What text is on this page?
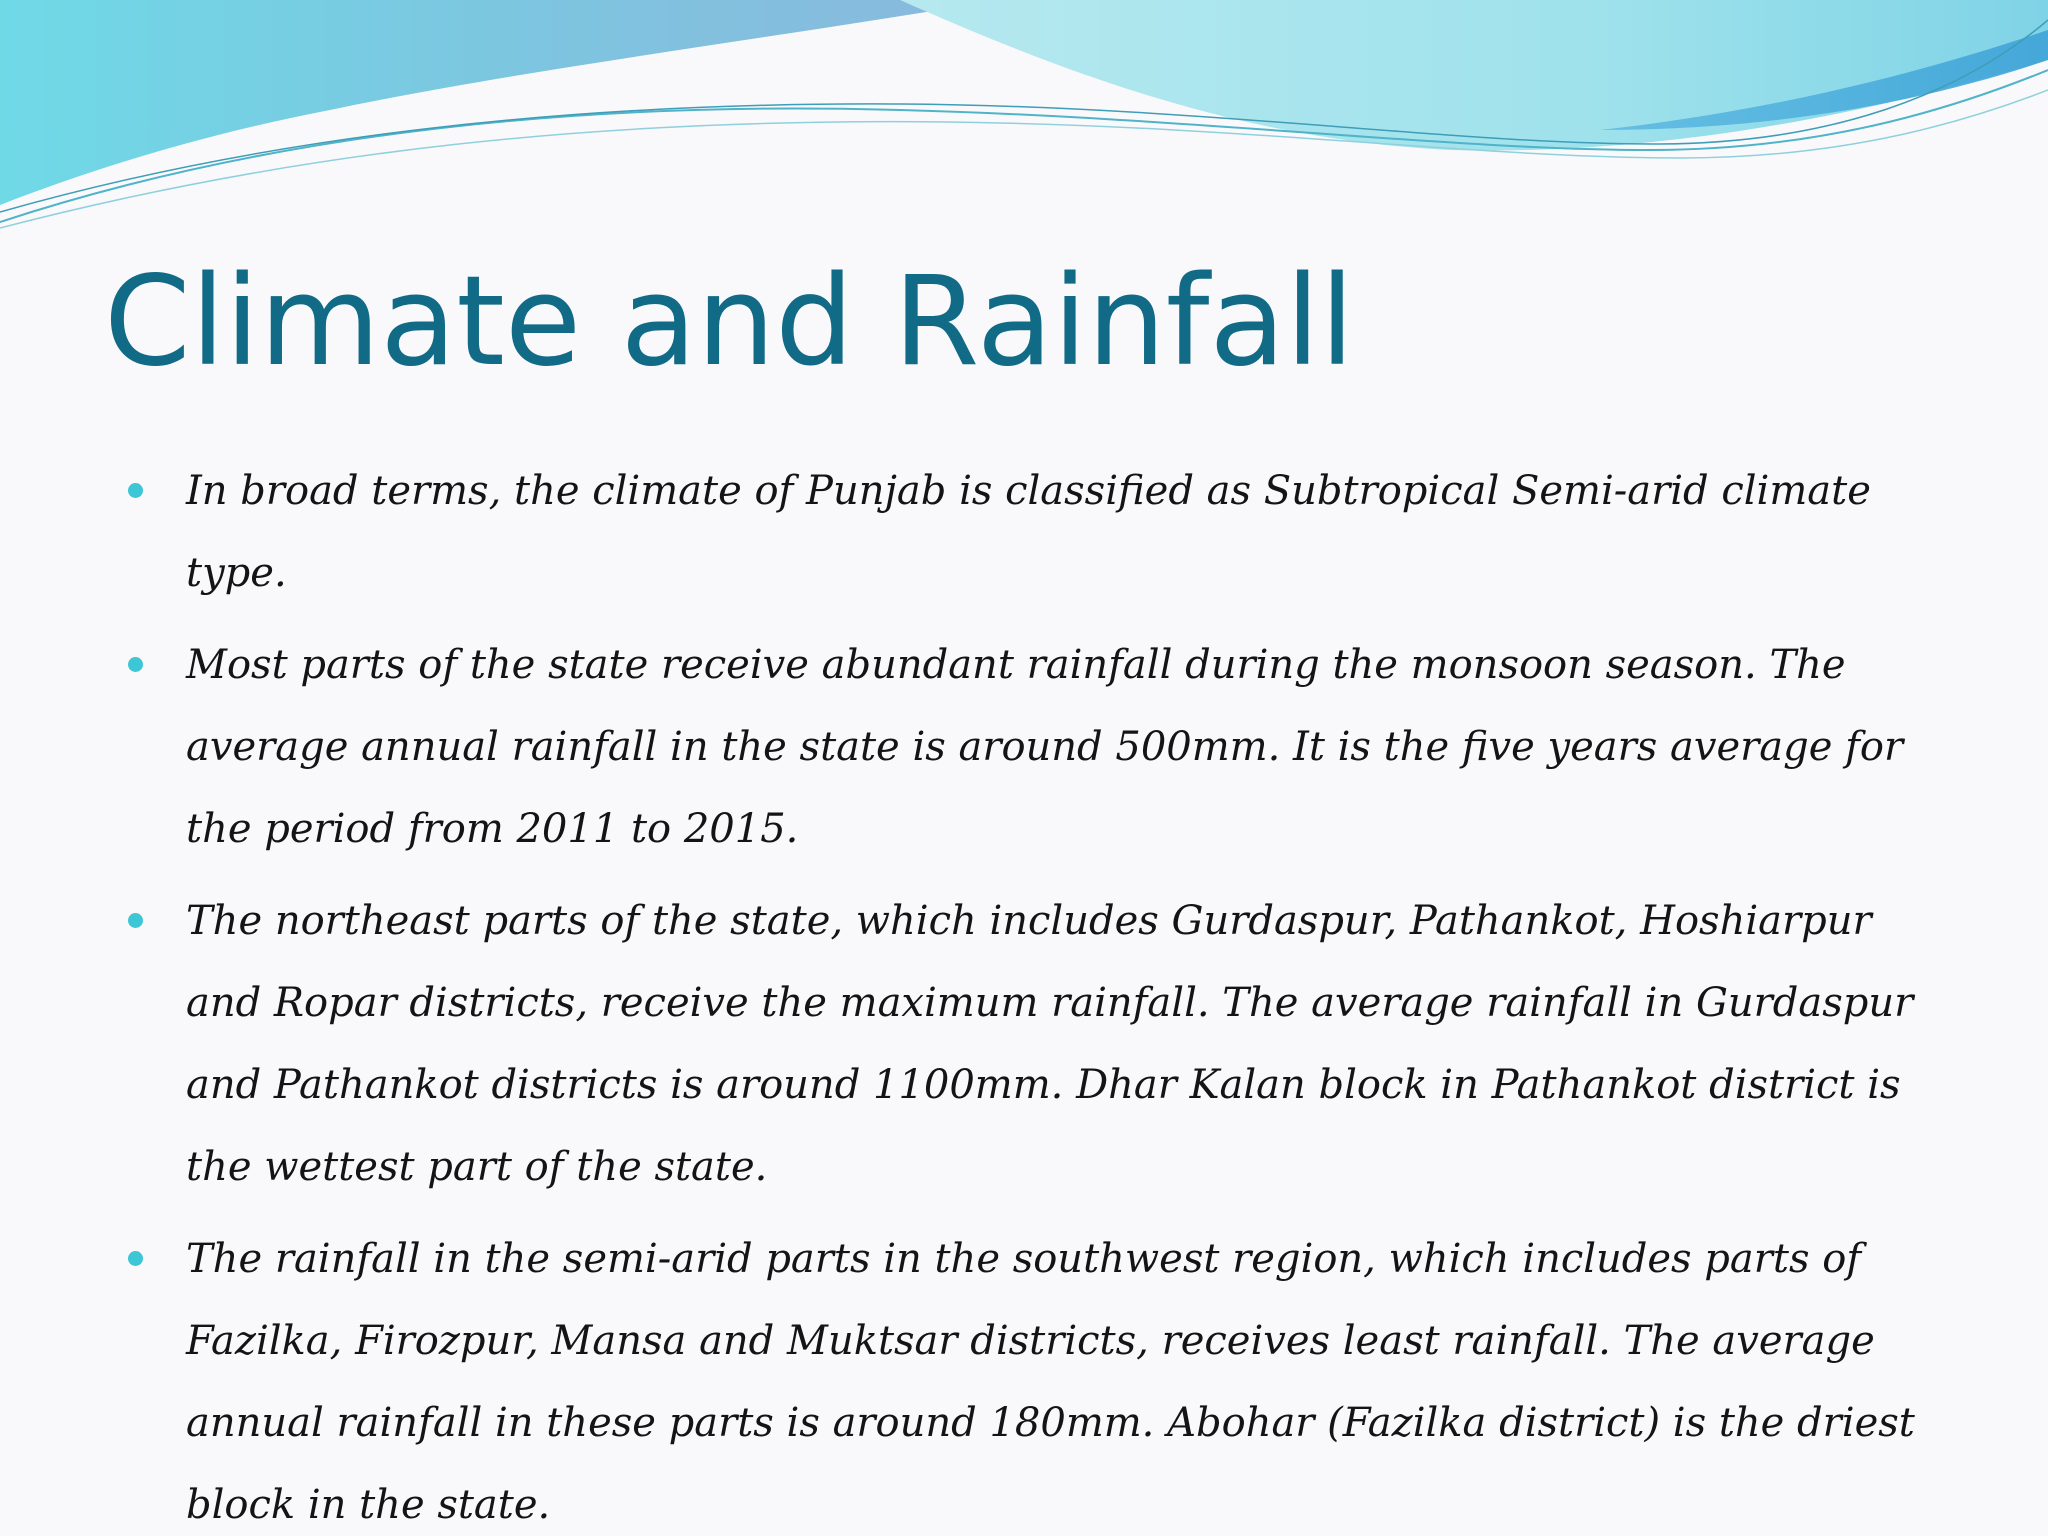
Climate and Rainfall
In broad terms, the climate of Punjab is classified as Subtropical Semi-arid climate type.
Most parts of the state receive abundant rainfall during the monsoon season. The average annual rainfall in the state is around 500mm. It is the five years average for the period from 2011 to 2015.
The northeast parts of the state, which includes Gurdaspur, Pathankot, Hoshiarpur and Ropar districts, receive the maximum rainfall. The average rainfall in Gurdaspur and Pathankot districts is around 1100mm. Dhar Kalan block in Pathankot district is the wettest part of the state.
The rainfall in the semi-arid parts in the southwest region, which includes parts of Fazilka, Firozpur, Mansa and Muktsar districts, receives least rainfall. The average annual rainfall in these parts is around 180mm. Abohar (Fazilka district) is the driest block in the state.
